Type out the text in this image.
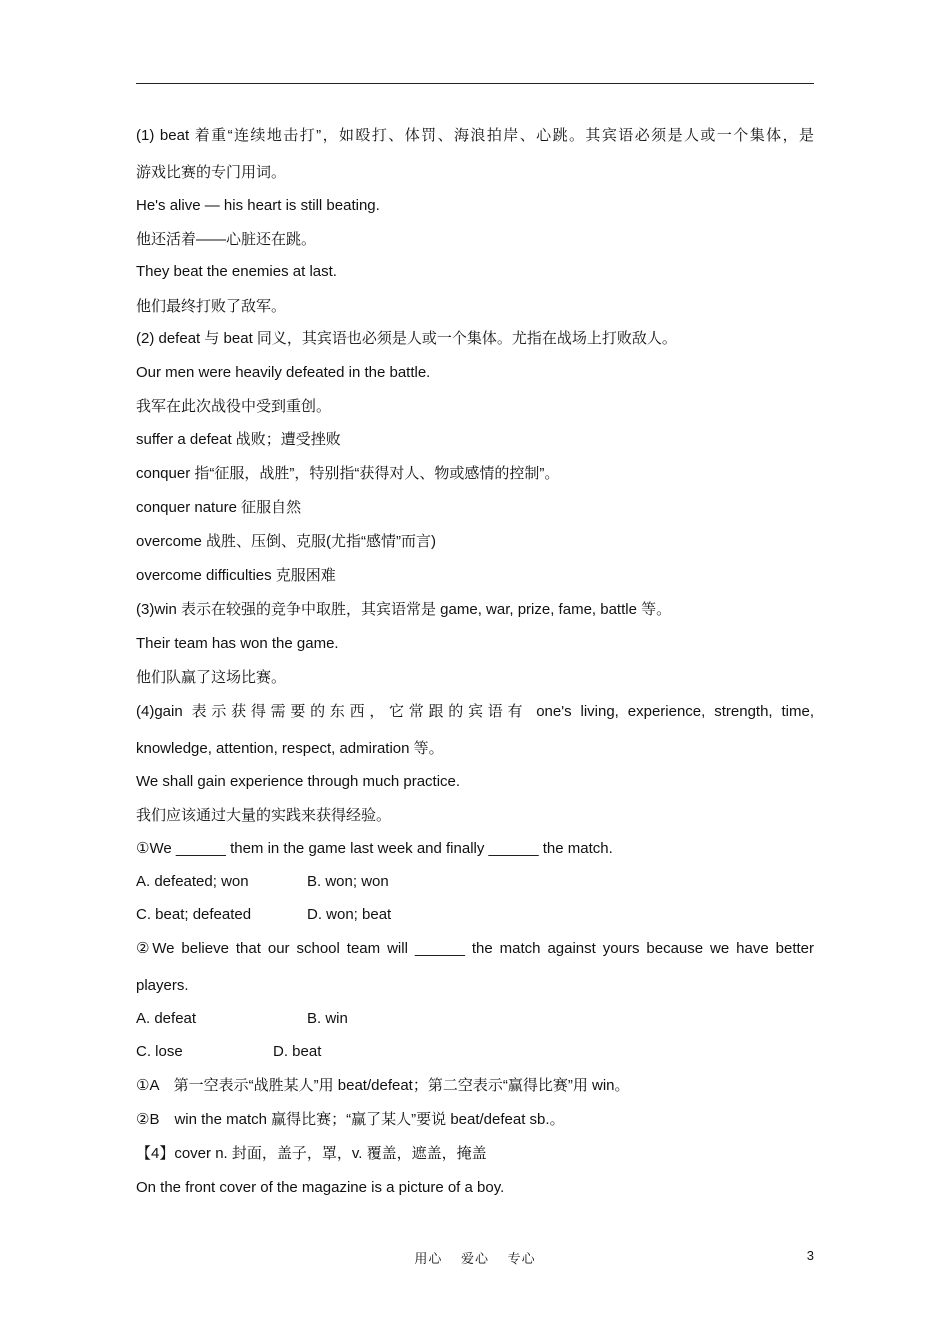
(1) beat 着重“连续地击打”，如殴打、体罚、海浪拍岸、心跳。其宾语必须是人或一个集体，是
游戏比赛的专门用词。
He's alive — his heart is still beating.
他还活着——心脏还在跳。
They beat the enemies at last.
他们最终打败了敌军。
(2) defeat 与 beat 同义，其宾语也必须是人或一个集体。尤指在战场上打败敌人。
Our men were heavily defeated in the battle.
我军在此次战役中受到重创。
suffer a defeat 战败；遭受挫败
conquer 指“征服，战胜”，特别指“获得对人、物或感情的控制”。
conquer nature 征服自然
overcome 战胜、压倒、克服(尤指“感情”而言)
overcome difficulties 克服困难
(3)win 表示在较强的竞争中取胜，其宾语常是 game, war, prize, fame, battle 等。
Their team has won the game.
他们队赢了这场比赛。
(4)gain 表示获得需要的东西，它常跟的宾语有 one's living, experience, strength, time,
knowledge, attention, respect, admiration 等。
We shall gain experience through much practice.
我们应该通过大量的实践来获得经验。
①We ______ them in the game last week and finally ______ the match.
A. defeated; won	B. won; won
C. beat; defeated	D. won; beat
②We believe that our school team will ______ the match against yours because we have better
players.
A. defeat	B. win
C. lose	D. beat
①A　第一空表示“战胜某人”用 beat/defeat；第二空表示“赢得比赛”用 win。
②B　win the match 赢得比赛；“赢了某人”要说 beat/defeat sb.。
【4】cover n. 封面，盖子，罩，v. 覆盖，遮盖，掩盖
On the front cover of the magazine is a picture of a boy.
用心 爱心 专心	3
